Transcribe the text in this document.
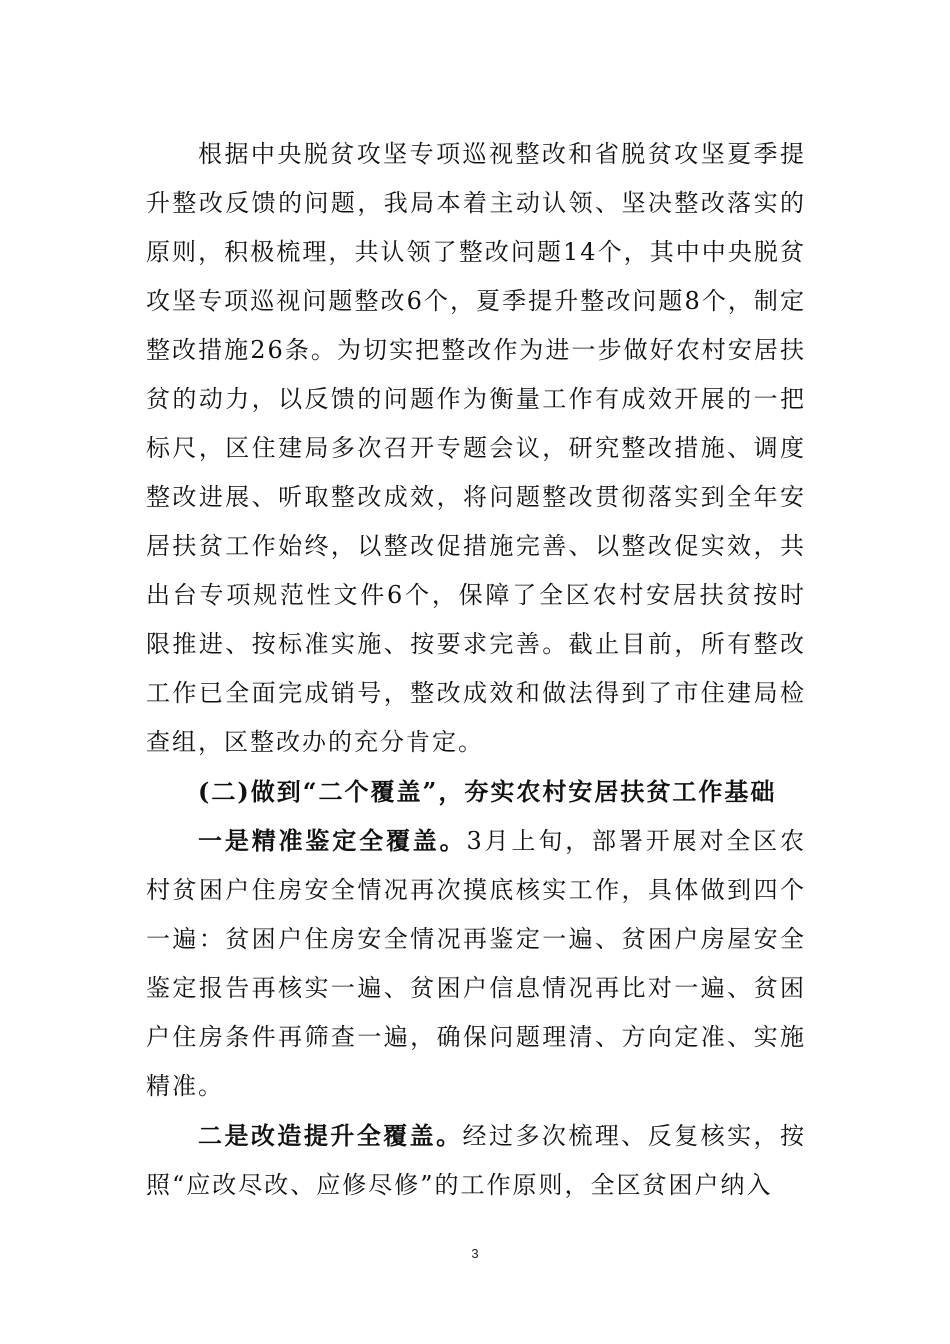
根据中央脱贫攻坚专项巡视整改和省脱贫攻坚夏季提升整改反馈的问题，我局本着主动认领、坚决整改落实的原则，积极梳理，共认领了整改问题14个，其中中央脱贫攻坚专项巡视问题整改6个，夏季提升整改问题8个，制定整改措施26条。为切实把整改作为进一步做好农村安居扶贫的动力，以反馈的问题作为衡量工作有成效开展的一把标尺，区住建局多次召开专题会议，研究整改措施、调度整改进展、听取整改成效，将问题整改贯彻落实到全年安居扶贫工作始终，以整改促措施完善、以整改促实效，共出台专项规范性文件6个，保障了全区农村安居扶贫按时限推进、按标准实施、按要求完善。截止目前，所有整改工作已全面完成销号，整改成效和做法得到了市住建局检查组，区整改办的充分肯定。

(二)做到“二个覆盖”，夯实农村安居扶贫工作基础

一是精准鉴定全覆盖。3月上旬，部署开展对全区农村贫困户住房安全情况再次摸底核实工作，具体做到四个一遍：贫困户住房安全情况再鉴定一遍、贫困户房屋安全鉴定报告再核实一遍、贫困户信息情况再比对一遍、贫困户住房条件再筛查一遍，确保问题理清、方向定准、实施精准。

二是改造提升全覆盖。经过多次梳理、反复核实，按照“应改尽改、应修尽修”的工作原则，全区贫困户纳入

3
